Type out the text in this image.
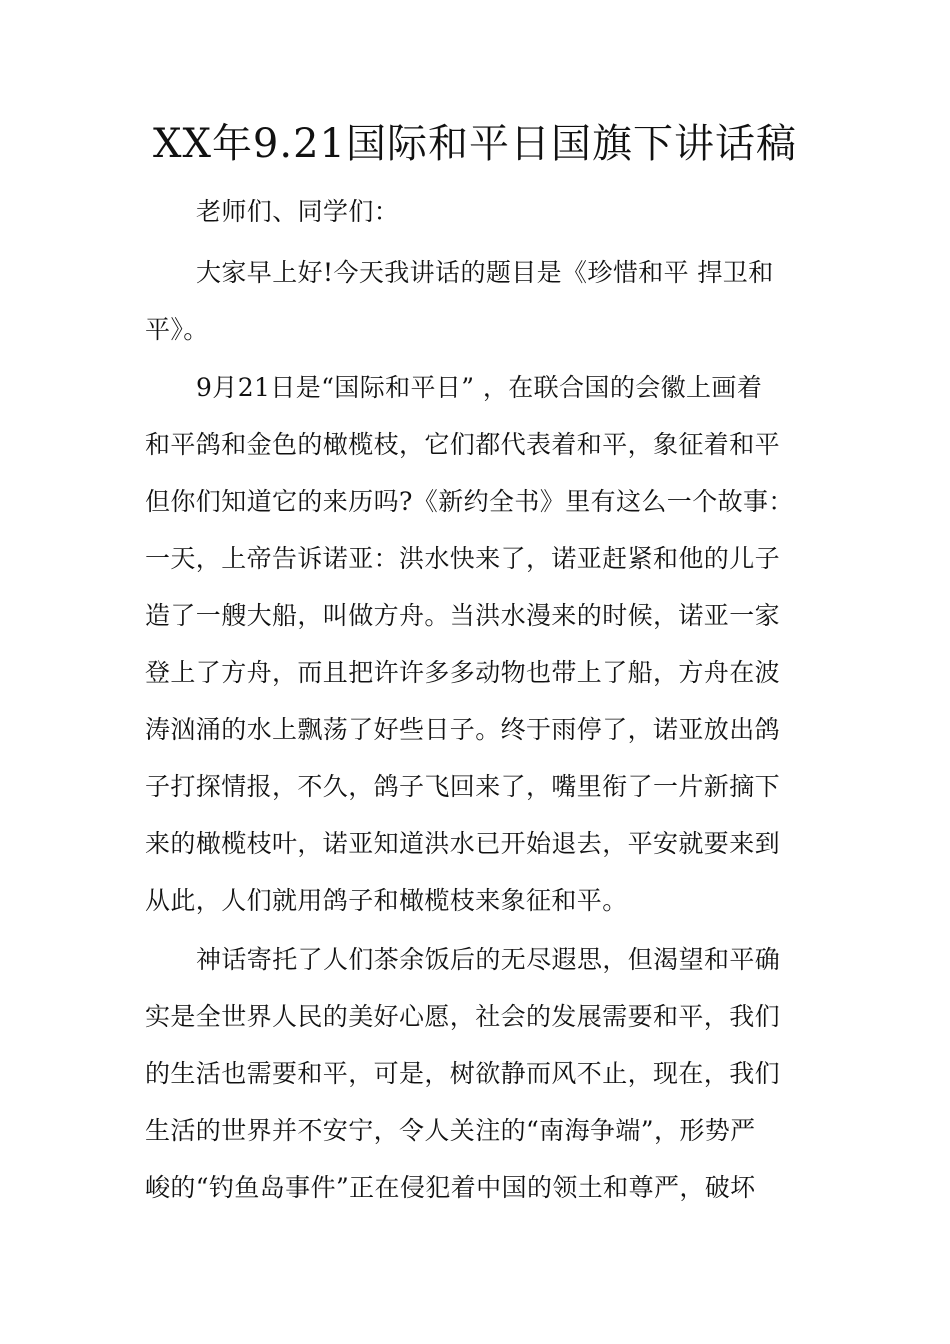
XX年9.21国际和平日国旗下讲话稿
老师们、同学们：
大家早上好!今天我讲话的题目是《珍惜和平 捍卫和
平》。
9月21日是“国际和平日” ，在联合国的会徽上画着
和平鸽和金色的橄榄枝，它们都代表着和平，象征着和平
但你们知道它的来历吗?《新约全书》里有这么一个故事：
一天，上帝告诉诺亚：洪水快来了，诺亚赶紧和他的儿子
造了一艘大船，叫做方舟。当洪水漫来的时候，诺亚一家
登上了方舟，而且把许许多多动物也带上了船，方舟在波
涛汹涌的水上飘荡了好些日子。终于雨停了，诺亚放出鸽
子打探情报，不久，鸽子飞回来了，嘴里衔了一片新摘下
来的橄榄枝叶，诺亚知道洪水已开始退去，平安就要来到
从此，人们就用鸽子和橄榄枝来象征和平。
神话寄托了人们茶余饭后的无尽遐思，但渴望和平确
实是全世界人民的美好心愿，社会的发展需要和平，我们
的生活也需要和平，可是，树欲静而风不止，现在，我们
生活的世界并不安宁，令人关注的“南海争端”，形势严
峻的“钓鱼岛事件”正在侵犯着中国的领土和尊严，破坏
